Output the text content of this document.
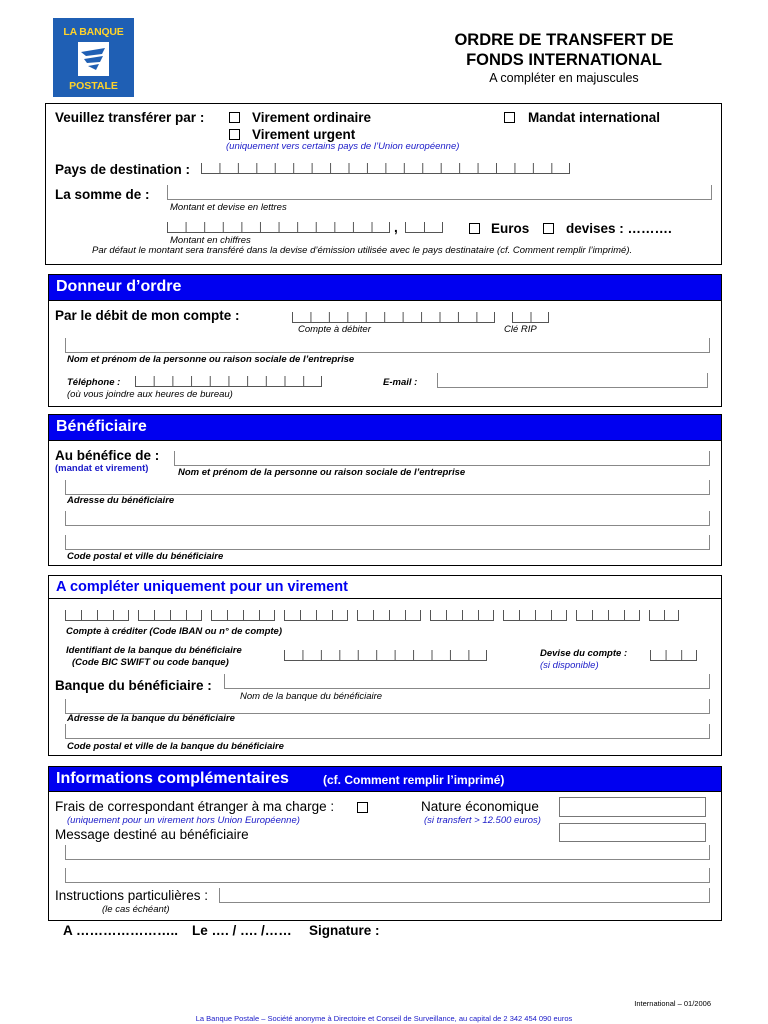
LA BANQUE
POSTALE
ORDRE DE TRANSFERT DE
FONDS INTERNATIONAL
A compléter en majuscules
Veuillez transférer par :	Virement ordinaire	Mandat international
Virement urgent
(uniquement vers certains pays de l’Union européenne)
Pays de destination :
La somme de :
Montant et devise en lettres
,	Euros	devises : ……….
Montant en chiffres
Par défaut le montant sera transféré dans la devise d’émission utilisée avec le pays destinataire (cf. Comment remplir l’imprimé).
Donneur d’ordre
Par le débit de mon compte :
Compte à débiter	Clé RIP
Nom et prénom de la personne ou raison sociale de l’entreprise
Téléphone :
(où vous joindre aux heures de bureau)
E-mail :
Bénéficiaire
Au bénéfice de :
(mandat et virement)	Nom et prénom de la personne ou raison sociale de l’entreprise
Adresse du bénéficiaire
Code postal et ville du bénéficiaire
A compléter uniquement pour un virement
Compte à créditer (Code IBAN ou n° de compte)
Identifiant de la banque du bénéficiaire
(Code BIC SWIFT ou code banque)
Devise du compte :
(si disponible)
Banque du bénéficiaire :
Nom de la banque du bénéficiaire
Adresse de la banque du bénéficiaire
Code postal et ville de la banque du bénéficiaire
Informations complémentaires	(cf. Comment remplir l’imprimé)
Frais de correspondant étranger à ma charge :
(uniquement pour un virement hors Union Européenne)
Nature économique
(si transfert > 12.500 euros)
Message destiné au bénéficiaire
Instructions particulières :
(le cas échéant)
A ………………….. Le …. / …. /…… Signature :
International – 01/2006
La Banque Postale – Société anonyme à Directoire et Conseil de Surveillance, au capital de 2 342 454 090 euros
